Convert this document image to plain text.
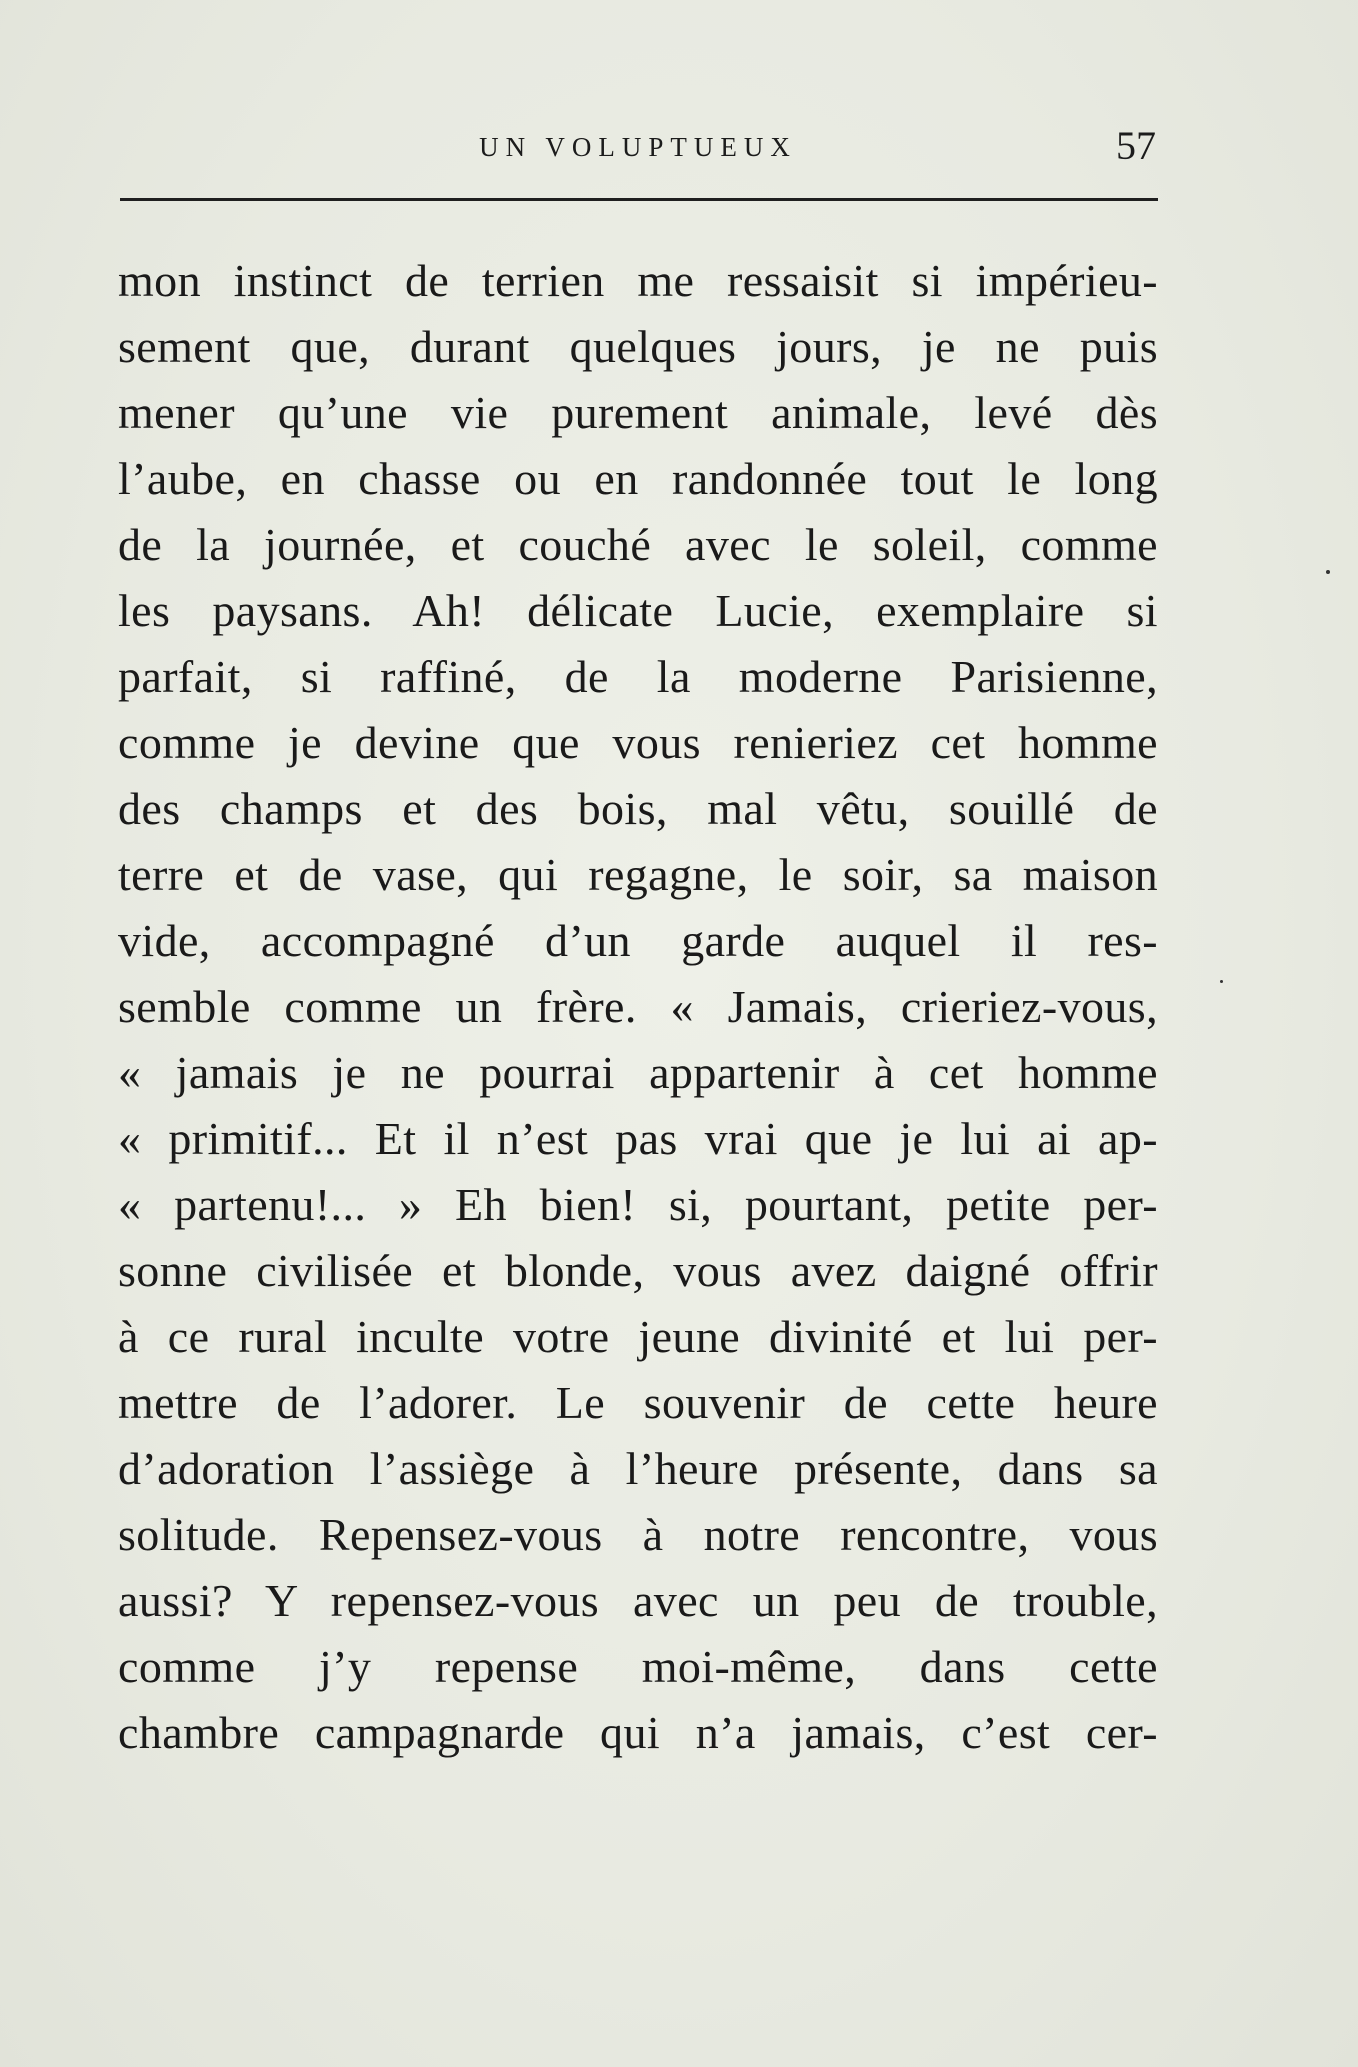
UN VOLUPTUEUX	57
mon instinct de terrien me ressaisit si impérieu-
sement que, durant quelques jours, je ne puis
mener qu’une vie purement animale, levé dès
l’aube, en chasse ou en randonnée tout le long
de la journée, et couché avec le soleil, comme
les paysans. Ah! délicate Lucie, exemplaire si
parfait, si raffiné, de la moderne Parisienne,
comme je devine que vous renieriez cet homme
des champs et des bois, mal vêtu, souillé de
terre et de vase, qui regagne, le soir, sa maison
vide, accompagné d’un garde auquel il res-
semble comme un frère. « Jamais, crieriez-vous,
« jamais je ne pourrai appartenir à cet homme
« primitif... Et il n’est pas vrai que je lui ai ap-
« partenu!... » Eh bien! si, pourtant, petite per-
sonne civilisée et blonde, vous avez daigné offrir
à ce rural inculte votre jeune divinité et lui per-
mettre de l’adorer. Le souvenir de cette heure
d’adoration l’assiège à l’heure présente, dans sa
solitude. Repensez-vous à notre rencontre, vous
aussi? Y repensez-vous avec un peu de trouble,
comme j’y repense moi-même, dans cette
chambre campagnarde qui n’a jamais, c’est cer-
